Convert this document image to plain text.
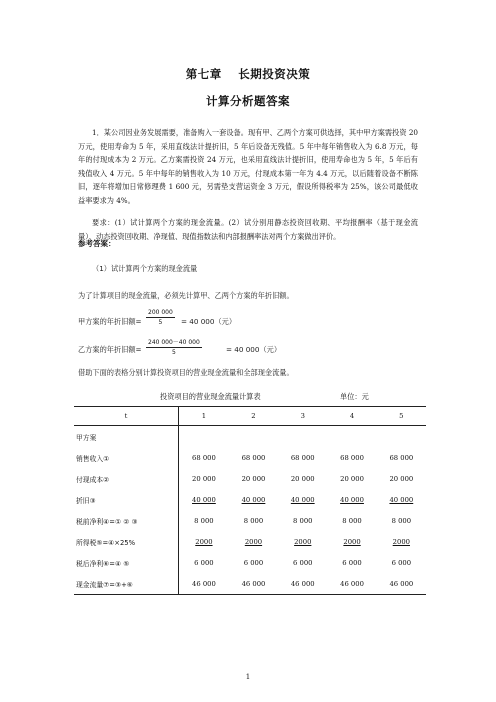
第七章　 长期投资决策
计算分析题答案
1．某公司因业务发展需要，准备购入一套设备。现有甲、乙两个方案可供选择，其中甲方案需投资 20 万元，使用寿命为 5 年，采用直线法计提折旧，5 年后设备无残值。5 年中每年销售收入为 6.8 万元，每年的付现成本为 2 万元。乙方案需投资 24 万元，也采用直线法计提折旧，使用寿命也为 5 年，5 年后有残值收入 4 万元。5 年中每年的销售收入为 10 万元，付现成本第一年为 4.4 万元，以后随着设备不断陈旧，逐年将增加日常修理费 1 600 元，另需垫支营运资金 3 万元，假设所得税率为 25%，该公司最低收益率要求为 4%。
要求：(1）试计算两个方案的现金流量。(2）试分别用静态投资回收期、平均报酬率（基于现金流量）、动态投资回收期、净现值、现值指数法和内部报酬率法对两个方案做出评价。
参考答案：
（1）试计算两个方案的现金流量
为了计算项目的现金流量，必须先计算甲、乙两个方案的年折旧额。
甲方案的年折旧额= $\frac{200 000}{5} = 40$ 000（元）
乙方案的年折旧额= $\frac{240 000-40 000}{5}$	= 40 000（元）
借助下面的表格分别计算投资项目的营业现金流量和全部现金流量。
投资项目的营业现金流量计算表	单位：元
t	1	2	3	4	5
甲方案					
销售收入①	68 000	68 000	68 000	68 000	68 000
付现成本②	20 000	20 000	20 000	20 000	20 000
折旧③	40 000	40 000	40 000	40 000	40 000
税前净利④=① ② ③	8 000	8 000	8 000	8 000	8 000
所得税⑤=④×25%	2000	2000	2000	2000	2000
税后净利⑥=④ ⑤	6 000	6 000	6 000	6 000	6 000
现金流量⑦=③+⑥	46 000	46 000	46 000	46 000	46 000
1
